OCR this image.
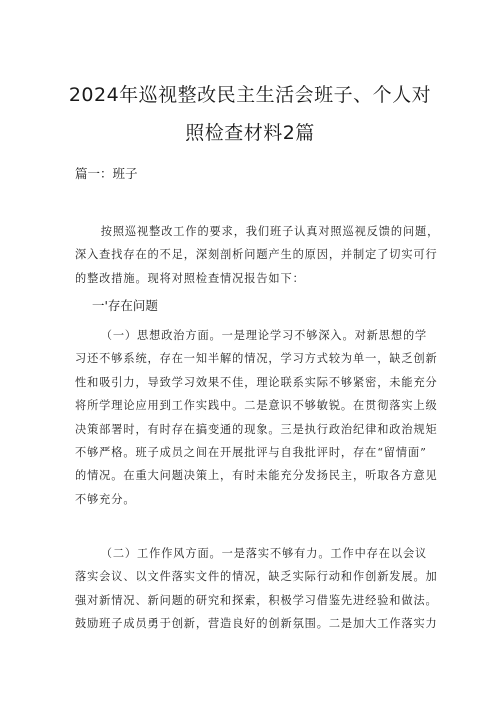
2024年巡视整改民主生活会班子、个人对
照检查材料2篇
篇一：班子
按照巡视整改工作的要求，我们班子认真对照巡视反馈的问题，
深入查找存在的不足，深刻剖析问题产生的原因，并制定了切实可行
的整改措施。现将对照检查情况报告如下：
一'存在问题
（一）思想政治方面。一是理论学习不够深入。对新思想的学
习还不够系统，存在一知半解的情况，学习方式较为单一，缺乏创新
性和吸引力，导致学习效果不佳，理论联系实际不够紧密，未能充分
将所学理论应用到工作实践中。二是意识不够敏锐。在贯彻落实上级
决策部署时，有时存在搞变通的现象。三是执行政治纪律和政治规矩
不够严格。班子成员之间在开展批评与自我批评时，存在“留情面”
的情况。在重大问题决策上，有时未能充分发扬民主，听取各方意见
不够充分。
（二）工作作风方面。一是落实不够有力。工作中存在以会议
落实会议、以文件落实文件的情况，缺乏实际行动和作创新发展。加
强对新情况、新问题的研究和探索，积极学习借鉴先进经验和做法。
鼓励班子成员勇于创新，营造良好的创新氛围。二是加大工作落实力
